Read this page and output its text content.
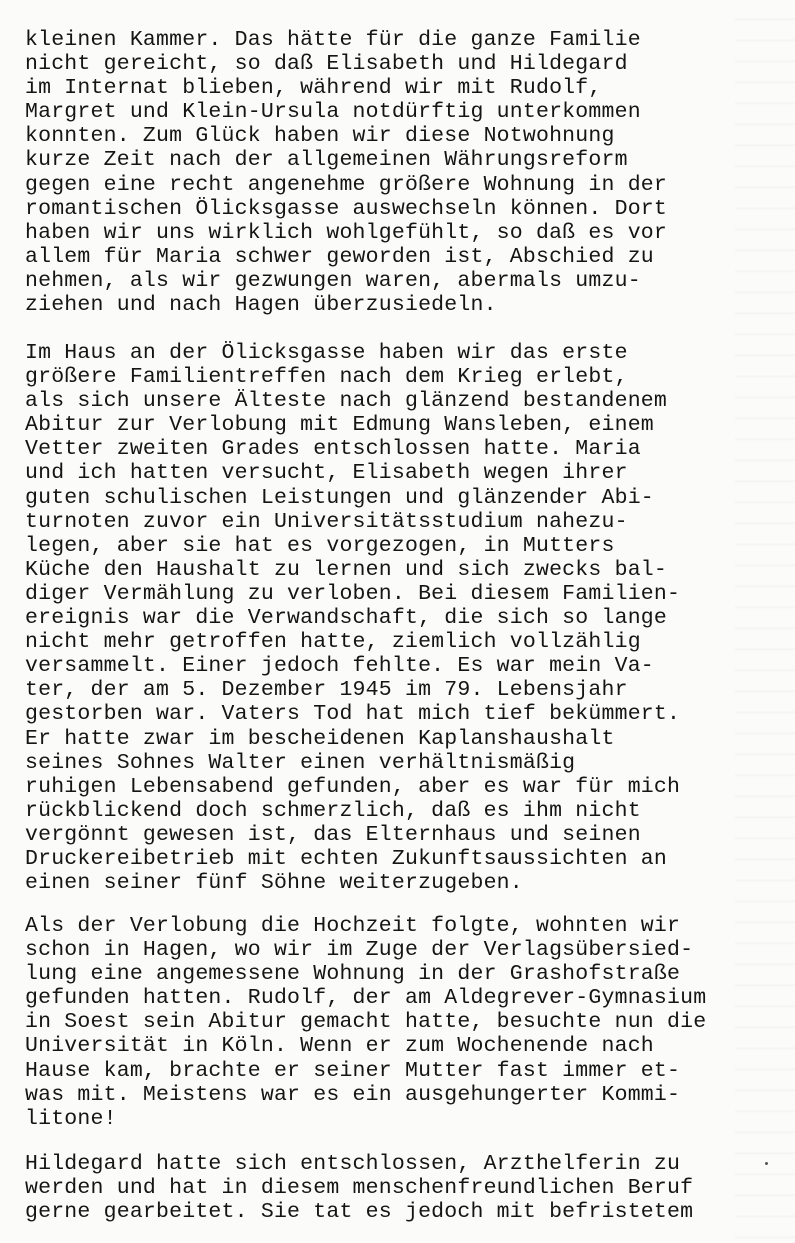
kleinen Kammer. Das hätte für die ganze Familie
nicht gereicht, so daß Elisabeth und Hildegard
im Internat blieben, während wir mit Rudolf,
Margret und Klein-Ursula notdürftig unterkommen
konnten. Zum Glück haben wir diese Notwohnung
kurze Zeit nach der allgemeinen Währungsreform
gegen eine recht angenehme größere Wohnung in der
romantischen Ölicksgasse auswechseln können. Dort
haben wir uns wirklich wohlgefühlt, so daß es vor
allem für Maria schwer geworden ist, Abschied zu
nehmen, als wir gezwungen waren, abermals umzu-
ziehen und nach Hagen überzusiedeln.
Im Haus an der Ölicksgasse haben wir das erste
größere Familientreffen nach dem Krieg erlebt,
als sich unsere Älteste nach glänzend bestandenem
Abitur zur Verlobung mit Edmung Wansleben, einem
Vetter zweiten Grades entschlossen hatte. Maria
und ich hatten versucht, Elisabeth wegen ihrer
guten schulischen Leistungen und glänzender Abi-
turnoten zuvor ein Universitätsstudium nahezu-
legen, aber sie hat es vorgezogen, in Mutters
Küche den Haushalt zu lernen und sich zwecks bal-
diger Vermählung zu verloben. Bei diesem Familien-
ereignis war die Verwandschaft, die sich so lange
nicht mehr getroffen hatte, ziemlich vollzählig
versammelt. Einer jedoch fehlte. Es war mein Va-
ter, der am 5. Dezember 1945 im 79. Lebensjahr
gestorben war. Vaters Tod hat mich tief bekümmert.
Er hatte zwar im bescheidenen Kaplanshaushalt
seines Sohnes Walter einen verhältnismäßig
ruhigen Lebensabend gefunden, aber es war für mich
rückblickend doch schmerzlich, daß es ihm nicht
vergönnt gewesen ist, das Elternhaus und seinen
Druckereibetrieb mit echten Zukunftsaussichten an
einen seiner fünf Söhne weiterzugeben.
Als der Verlobung die Hochzeit folgte, wohnten wir
schon in Hagen, wo wir im Zuge der Verlagsübersied-
lung eine angemessene Wohnung in der Grashofstraße
gefunden hatten. Rudolf, der am Aldegrever-Gymnasium
in Soest sein Abitur gemacht hatte, besuchte nun die
Universität in Köln. Wenn er zum Wochenende nach
Hause kam, brachte er seiner Mutter fast immer et-
was mit. Meistens war es ein ausgehungerter Kommi-
litone!
Hildegard hatte sich entschlossen, Arzthelferin zu
werden und hat in diesem menschenfreundlichen Beruf
gerne gearbeitet. Sie tat es jedoch mit befristetem
